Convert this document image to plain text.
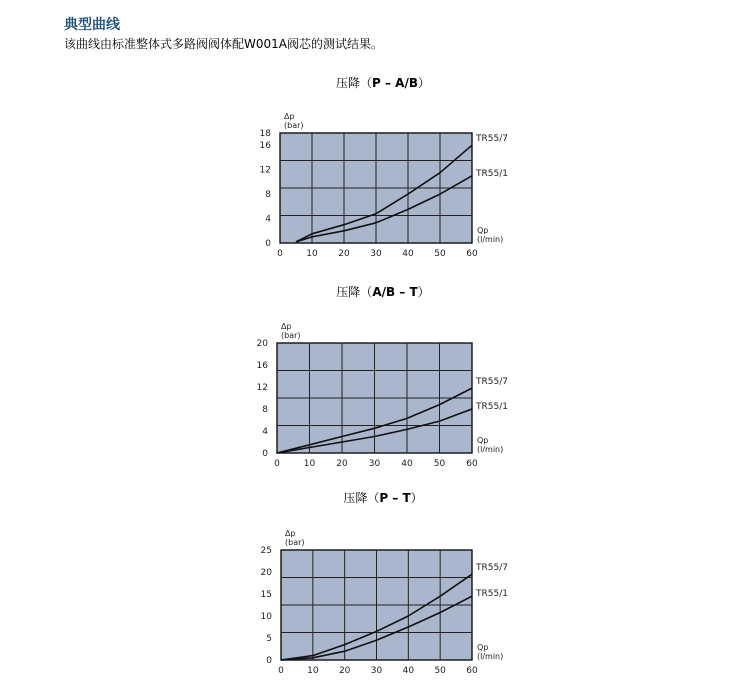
典型曲线
该曲线由标准整体式多路阀阀体配W001A阀芯的测试结果。
压降（P – A/B）
0	10 20 30 40 50 60
0
4
8
12
16
18
Δp
(bar)
Qp
(l/min)
TR55/7
TR55/1
压降（A/B – T）
0	10 20 30 40 50 60
0
4
8
12
16
20
Δp
(bar)
Qp
(l/min)
TR55/7
TR55/1
压降（P – T）
0	10 20 30 40 50 60
0
5
10
15
20
25
Δp
(bar)
Qp
(l/min)
TR55/7
TR55/1
